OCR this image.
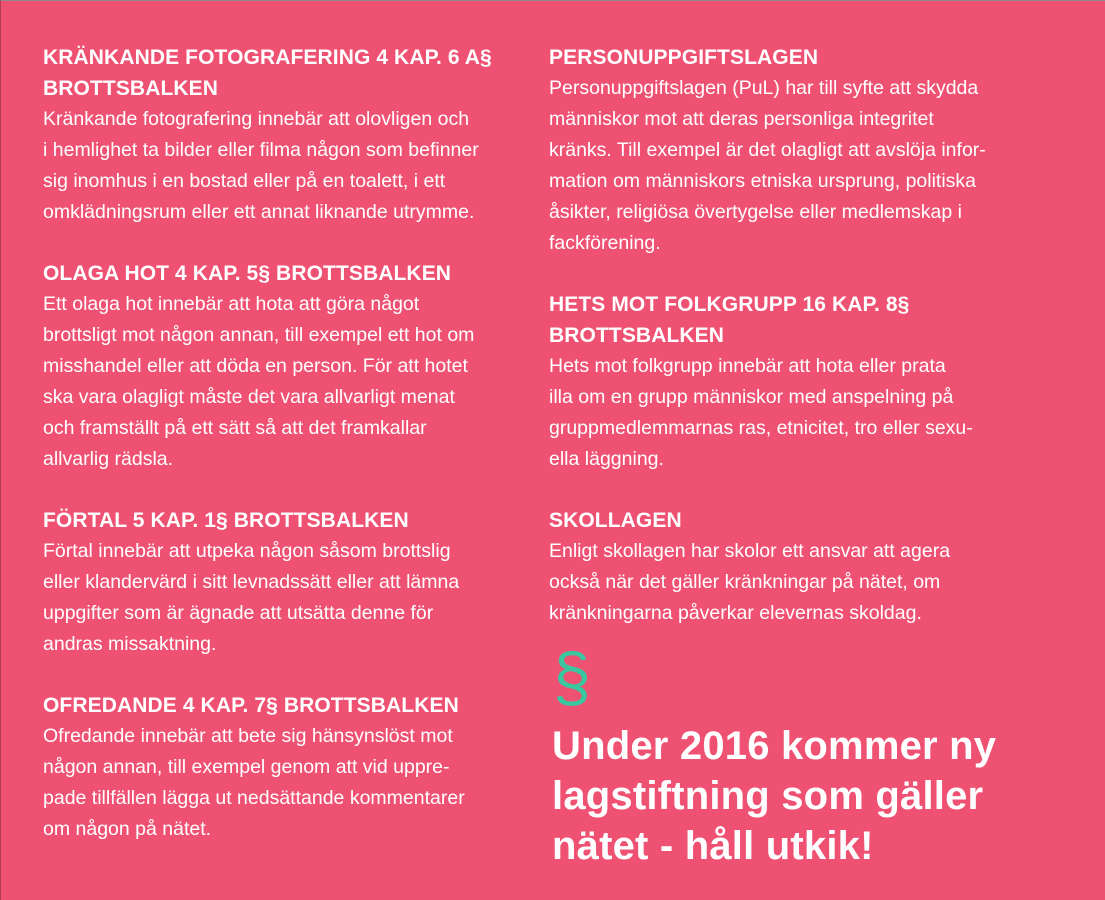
KRÄNKANDE FOTOGRAFERING 4 KAP. 6 A§
BROTTSBALKEN

Kränkande fotografering innebär att olovligen och
i hemlighet ta bilder eller filma någon som befinner
sig inomhus i en bostad eller på en toalett, i ett
omklädningsrum eller ett annat liknande utrymme.

OLAGA HOT 4 KAP. 5§ BROTTSBALKEN

Ett olaga hot innebär att hota att göra något
brottsligt mot någon annan, till exempel ett hot om
misshandel eller att döda en person. För att hotet
ska vara olagligt måste det vara allvarligt menat
och framställt på ett sätt så att det framkallar
allvarlig rädsla.

FÖRTAL 5 KAP. 1§ BROTTSBALKEN

Förtal innebär att utpeka någon såsom brottslig
eller klandervärd i sitt levnadssätt eller att lämna
uppgifter som är ägnade att utsätta denne för
andras missaktning.

OFREDANDE 4 KAP. 7§ BROTTSBALKEN

Ofredande innebär att bete sig hänsynslöst mot
någon annan, till exempel genom att vid uppre-
pade tillfällen lägga ut nedsättande kommentarer
om någon på nätet.

PERSONUPPGIFTSLAGEN

Personuppgiftslagen (PuL) har till syfte att skydda
människor mot att deras personliga integritet
kränks. Till exempel är det olagligt att avslöja infor-
mation om människors etniska ursprung, politiska
åsikter, religiösa övertygelse eller medlemskap i
fackförening.

HETS MOT FOLKGRUPP 16 KAP. 8§
BROTTSBALKEN

Hets mot folkgrupp innebär att hota eller prata
illa om en grupp människor med anspelning på
gruppmedlemmarnas ras, etnicitet, tro eller sexu-
ella läggning.

SKOLLAGEN

Enligt skollagen har skolor ett ansvar att agera
också när det gäller kränkningar på nätet, om
kränkningarna påverkar elevernas skoldag.

§
Under 2016 kommer ny
lagstiftning som gäller
nätet - håll utkik!
